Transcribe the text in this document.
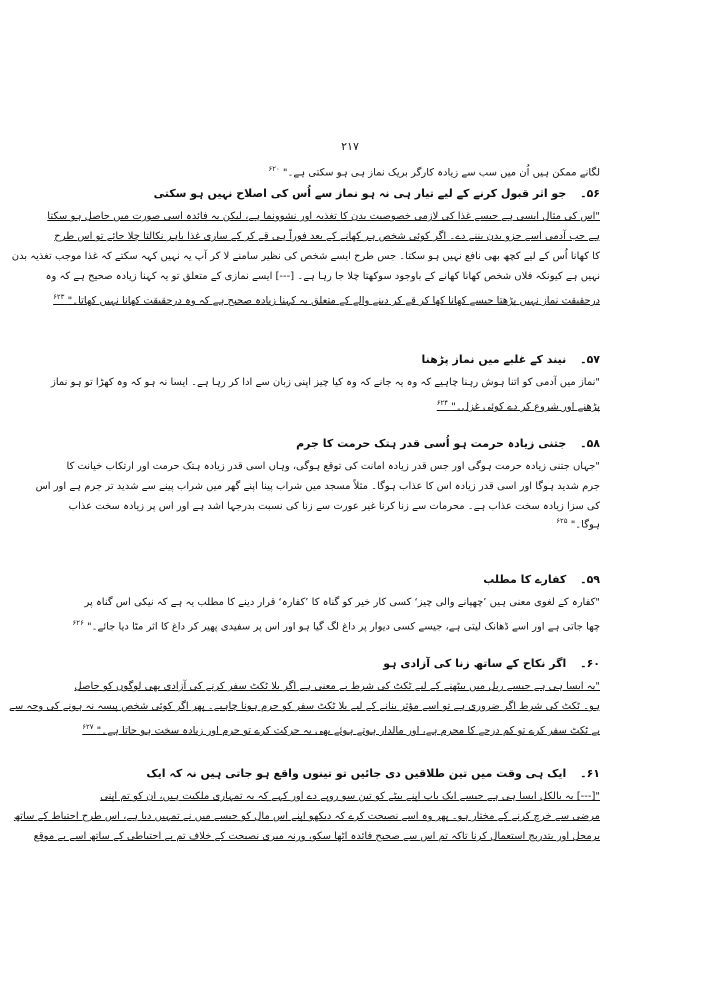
۲۱۷
لگانے ممکن ہیں اُن میں سب سے زیادہ کارگر بریک نماز ہی ہو سکتی ہے۔" $^{۶۲۰}$
۵۶۔ جو اثر قبول کرنے کے لیے تیار ہی نہ ہو نماز سے اُس کی اصلاح نہیں ہو سکتی
"اس کی مثال ایسی ہے جیسے غذا کی لازمی خصوصیت بدن کا تغذیہ اور نشوونما ہے، لیکن یہ فائدہ اسی صورت میں حاصل ہو سکتا
ہے جب آدمی اسے جزو بدن بننے دے۔ اگر کوئی شخص ہر کھانے کے بعد فوراً ہی قے کر کے ساری غذا باہر نکالتا چلا جائے تو اس طرح
کا کھانا اُس کے لیے کچھ بھی نافع نہیں ہو سکتا۔ جس طرح ایسے شخص کی نظیر سامنے لا کر آپ یہ نہیں کہہ سکتے کہ غذا موجب تغذیہ بدن
نہیں ہے کیونکہ فلاں شخص کھانا کھانے کے باوجود سوکھتا چلا جا رہا ہے۔ [---] ایسے نمازی کے متعلق تو یہ کہنا زیادہ صحیح ہے کہ وہ
درحقیقت نماز نہیں پڑھتا جیسے کھانا کھا کر قے کر دینے والے کے متعلق یہ کہنا زیادہ صحیح ہے کہ وہ درحقیقت کھانا نہیں کھاتا۔" $^{۶۲۳}$
۵۷۔ نیند کے غلبے میں نماز پڑھنا
"نماز میں آدمی کو اتنا ہوش رہنا چاہیے کہ وہ یہ جانے کہ وہ کیا چیز اپنی زبان سے ادا کر رہا ہے۔ ایسا نہ ہو کہ وہ کھڑا تو ہو نماز
پڑھنے اور شروع کر دے کوئی غزل۔" $^{۶۲۴}$
۵۸۔ جتنی زیادہ حرمت ہو اُسی قدر ہتک حرمت کا جرم
"جہاں جتنی زیادہ حرمت ہوگی اور جس قدر زیادہ امانت کی توقع ہوگی، وہاں اسی قدر زیادہ ہتک حرمت اور ارتکاب خیانت کا
جرم شدید ہوگا اور اسی قدر زیادہ اس کا عذاب ہوگا۔ مثلاً مسجد میں شراب پینا اپنے گھر میں شراب پینے سے شدید تر جرم ہے اور اس
کی سزا زیادہ سخت عذاب ہے۔ محرمات سے زنا کرنا غیر عورت سے زنا کی نسبت بدرجہا اشد ہے اور اس پر زیادہ سخت عذاب
ہوگا۔" $^{۶۲۵}$
۵۹۔ کفارے کا مطلب
"کفارہ کے لغوی معنی ہیں ’چھپانے والی چیز‘ کسی کار خیر کو گناہ کا ’کفارہ‘ قرار دینے کا مطلب یہ ہے کہ نیکی اس گناہ پر
چھا جاتی ہے اور اسے ڈھانک لیتی ہے، جیسے کسی دیوار پر داغ لگ گیا ہو اور اس پر سفیدی پھیر کر داغ کا اثر مٹا دیا جائے۔" $^{۶۲۶}$
۶۰۔ اگر نکاح کے ساتھ زنا کی آزادی ہو
"یہ ایسا ہی ہے جیسے ریل میں بیٹھنے کے لیے ٹکٹ کی شرط بے معنی ہے اگر بلا ٹکٹ سفر کرنے کی آزادی بھی لوگوں کو حاصل
ہو۔ ٹکٹ کی شرط اگر ضروری ہے تو اسے مؤثر بنانے کے لیے بلا ٹکٹ سفر کو جرم ہونا چاہیے۔ پھر اگر کوئی شخص پیسہ نہ ہونے کی وجہ سے
بے ٹکٹ سفر کرے تو کم درجے کا مجرم ہے، اور مالدار ہوتے ہوئے بھی یہ حرکت کرے تو جرم اور زیادہ سخت ہو جاتا ہے۔" $^{۶۲۷}$
۶۱۔ ایک ہی وقت میں تین طلاقیں دی جائیں تو تینوں واقع ہو جاتی ہیں نہ کہ ایک
"[---] یہ بالکل ایسا ہی ہے جیسے ایک باپ اپنے بیٹے کو تین سو روپے دے اور کہے کہ یہ تمہاری ملکیت ہیں، ان کو تم اپنی
مرضی سے خرچ کرنے کے مختار ہو۔ پھر وہ اسے نصیحت کرے کہ دیکھو اپنے اس مال کو جیسے میں نے تمہیں دیا ہے، اس طرح احتیاط کے ساتھ
برمحل اور بتدریج استعمال کرنا تاکہ تم اس سے صحیح فائدہ اٹھا سکو، ورنہ میری نصیحت کے خلاف تم بے احتیاطی کے ساتھ اسے بے موقع
